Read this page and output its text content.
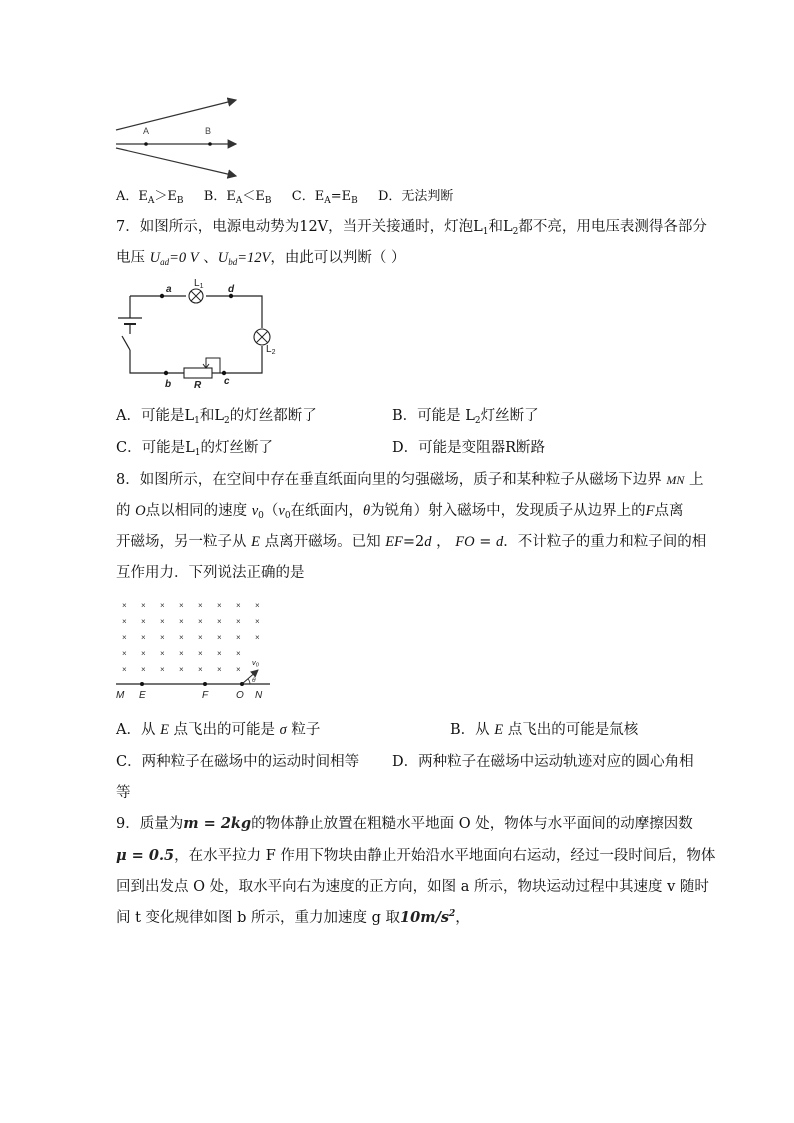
A	B
A．$E_A>E_B$ B．$E_A<E_B$ C．$E_A=E_B$ D．无法判断
7．如图所示，电源电动势为12V，当开关接通时，灯泡$L_1$和$L_2$都不亮，用电压表测得各部分
电压 $U_{ad}=0$ V 、$U_{bd}=12V$，由此可以判断（ ）
a	d
b	c
R
$L_1$
$L_2$
A．可能是$L_1$和$L_2$的灯丝都断了	B．可能是 $L_2$灯丝断了
C．可能是$L_1$的灯丝断了	D．可能是变阻器R断路
8．如图所示，在空间中存在垂直纸面向里的匀强磁场，质子和某种粒子从磁场下边界 MN 上
的 O点以相同的速度 $v_0(v_0$在纸面内，θ为锐角）射入磁场中，发现质子从边界上的F点离
开磁场，另一粒子从 E 点离开磁场。已知 EF=2d ， FO = d．不计粒子的重力和粒子间的相
互作用力．下列说法正确的是
M E	F	O N
$v_0$
θ
× × × × × × × ×
× × × × × × × ×
× × × × × × × ×
× × × × × × ×
× × × × × × ×
A．从 E 点飞出的可能是 σ 粒子	B．从 E 点飞出的可能是氚核
C．两种粒子在磁场中的运动时间相等 D．两种粒子在磁场中运动轨迹对应的圆心角相
等
9．质量为m = 2kg的物体静止放置在粗糙水平地面 O 处，物体与水平面间的动摩擦因数
μ = 0.5，在水平拉力 F 作用下物块由静止开始沿水平地面向右运动，经过一段时间后，物体
回到出发点 O 处，取水平向右为速度的正方向，如图 a 所示，物块运动过程中其速度 v 随时
间 t 变化规律如图 b 所示，重力加速度 g 取$10m/s^2$，
